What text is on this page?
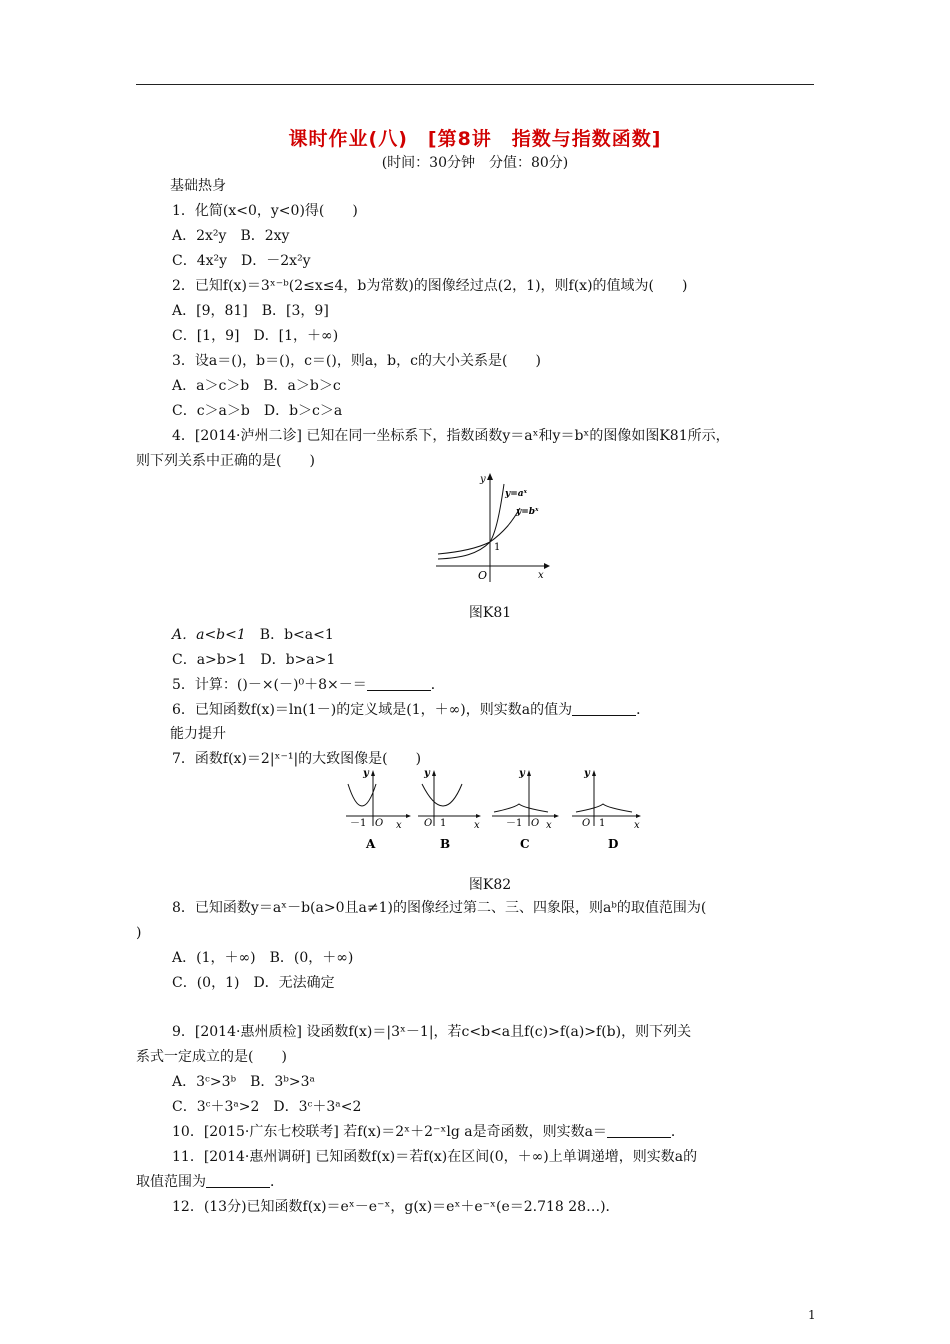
课时作业(八)　[第8讲　指数与指数函数]
(时间：30分钟　分值：80分)
基础热身
1．化简(x<0，y<0)得(　　)
A．2x²y　 B．2xy
C．4x²y　 D．－2x²y
2．已知f(x)＝3ˣ⁻ᵇ(2≤x≤4，b为常数)的图像经过点(2，1)，则f(x)的值域为(　　)
A．[9，81]　 B．[3，9]
C．[1，9]　 D．[1，＋∞)
3．设a＝()，b＝()，c＝()，则a，b，c的大小关系是(　　)
A．a＞c＞b　 B．a＞b＞c
C．c＞a＞b　 D．b＞c＞a
4．[2014·泸州二诊] 已知在同一坐标系下，指数函数y＝aˣ和y＝bˣ的图像如图K81所示，
则下列关系中正确的是(　　)
y=aˣ
y=bˣ
y
x
O
1
图K81
A．a<b<1　 B．b<a<1
C．a>b>1　 D．b>a>1
5．计算：()－×(－)⁰＋8×－＝	．
6．已知函数f(x)＝ln(1－)的定义域是(1，＋∞)，则实数a的值为	．
能力提升
7．函数f(x)＝2|ˣ⁻¹|的大致图像是(　　)
y
x
－1 O
A
y
x
O 1
B
y
x
－1 O
C
y
x
O 1
D
图K82
8．已知函数y＝aˣ－b(a>0且a≠1)的图像经过第二、三、四象限，则aᵇ的取值范围为(
)
A．(1，＋∞)　 B．(0，＋∞)
C．(0，1)　 D．无法确定
9．[2014·惠州质检] 设函数f(x)＝|3ˣ－1|，若c<b<a且f(c)>f(a)>f(b)，则下列关
系式一定成立的是(　　)
A．3ᶜ>3ᵇ　 B．3ᵇ>3ᵃ
C．3ᶜ＋3ᵃ>2　 D．3ᶜ＋3ᵃ<2
10．[2015·广东七校联考] 若f(x)＝2ˣ＋2⁻ˣlg a是奇函数，则实数a＝	．
11．[2014·惠州调研] 已知函数f(x)＝若f(x)在区间(0，＋∞)上单调递增，则实数a的
取值范围为	．
12．(13分)已知函数f(x)＝eˣ－e⁻ˣ，g(x)＝eˣ＋e⁻ˣ(e＝2.718 28…)．
1
